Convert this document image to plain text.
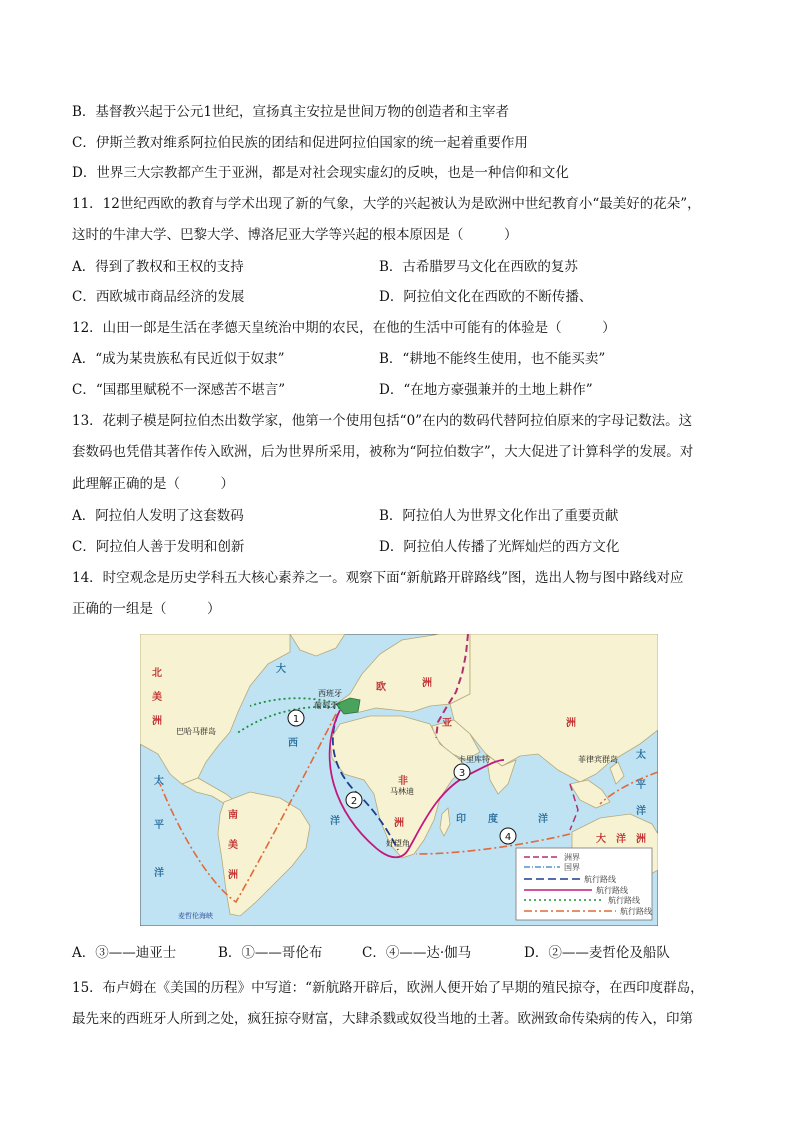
B．基督教兴起于公元1世纪，宣扬真主安拉是世间万物的创造者和主宰者
C．伊斯兰教对维系阿拉伯民族的团结和促进阿拉伯国家的统一起着重要作用
D．世界三大宗教都产生于亚洲，都是对社会现实虚幻的反映，也是一种信仰和文化
11．12世纪西欧的教育与学术出现了新的气象，大学的兴起被认为是欧洲中世纪教育小“最美好的花朵”，
这时的牛津大学、巴黎大学、博洛尼亚大学等兴起的根本原因是（　　　）
A．得到了教权和王权的支持	B．古希腊罗马文化在西欧的复苏
C．西欧城市商品经济的发展	D．阿拉伯文化在西欧的不断传播、
12．山田一郎是生活在孝德天皇统治中期的农民，在他的生活中可能有的体验是（　　　）
A．“成为某贵族私有民近似于奴隶”	B．“耕地不能终生使用，也不能买卖”
C．“国郡里赋税不一深感苦不堪言”	D．“在地方豪强兼并的土地上耕作”
13．花剌子模是阿拉伯杰出数学家，他第一个使用包括“0”在内的数码代替阿拉伯原来的字母记数法。这
套数码也凭借其著作传入欧洲，后为世界所采用，被称为“阿拉伯数字”，大大促进了计算科学的发展。对
此理解正确的是（　　　）
A．阿拉伯人发明了这套数码	B．阿拉伯人为世界文化作出了重要贡献
C．阿拉伯人善于发明和创新	D．阿拉伯人传播了光辉灿烂的西方文化
14．时空观念是历史学科五大核心素养之一。观察下面“新航路开辟路线”图，选出人物与图中路线对应
正确的一组是（　　　）
洲界
国界
航行路线
航行路线
航行路线
航行路线
北
美
洲
欧	洲
亚	洲
非
洲
南
美
洲
大 洋 洲
太
平
洋
大
西
洋	印 度	洋
太
平
洋
西班牙
葡萄牙
巴哈马群岛
卡里库特
马林迪
好望角
菲律宾群岛
麦哲伦海峡
1
2
3
4
A．③——迪亚士	B．①——哥伦布	C．④——达·伽马	D．②——麦哲伦及船队
15．布卢姆在《美国的历程》中写道：“新航路开辟后，欧洲人便开始了早期的殖民掠夺，在西印度群岛，
最先来的西班牙人所到之处，疯狂掠夺财富，大肆杀戮或奴役当地的土著。欧洲致命传染病的传入，印第
